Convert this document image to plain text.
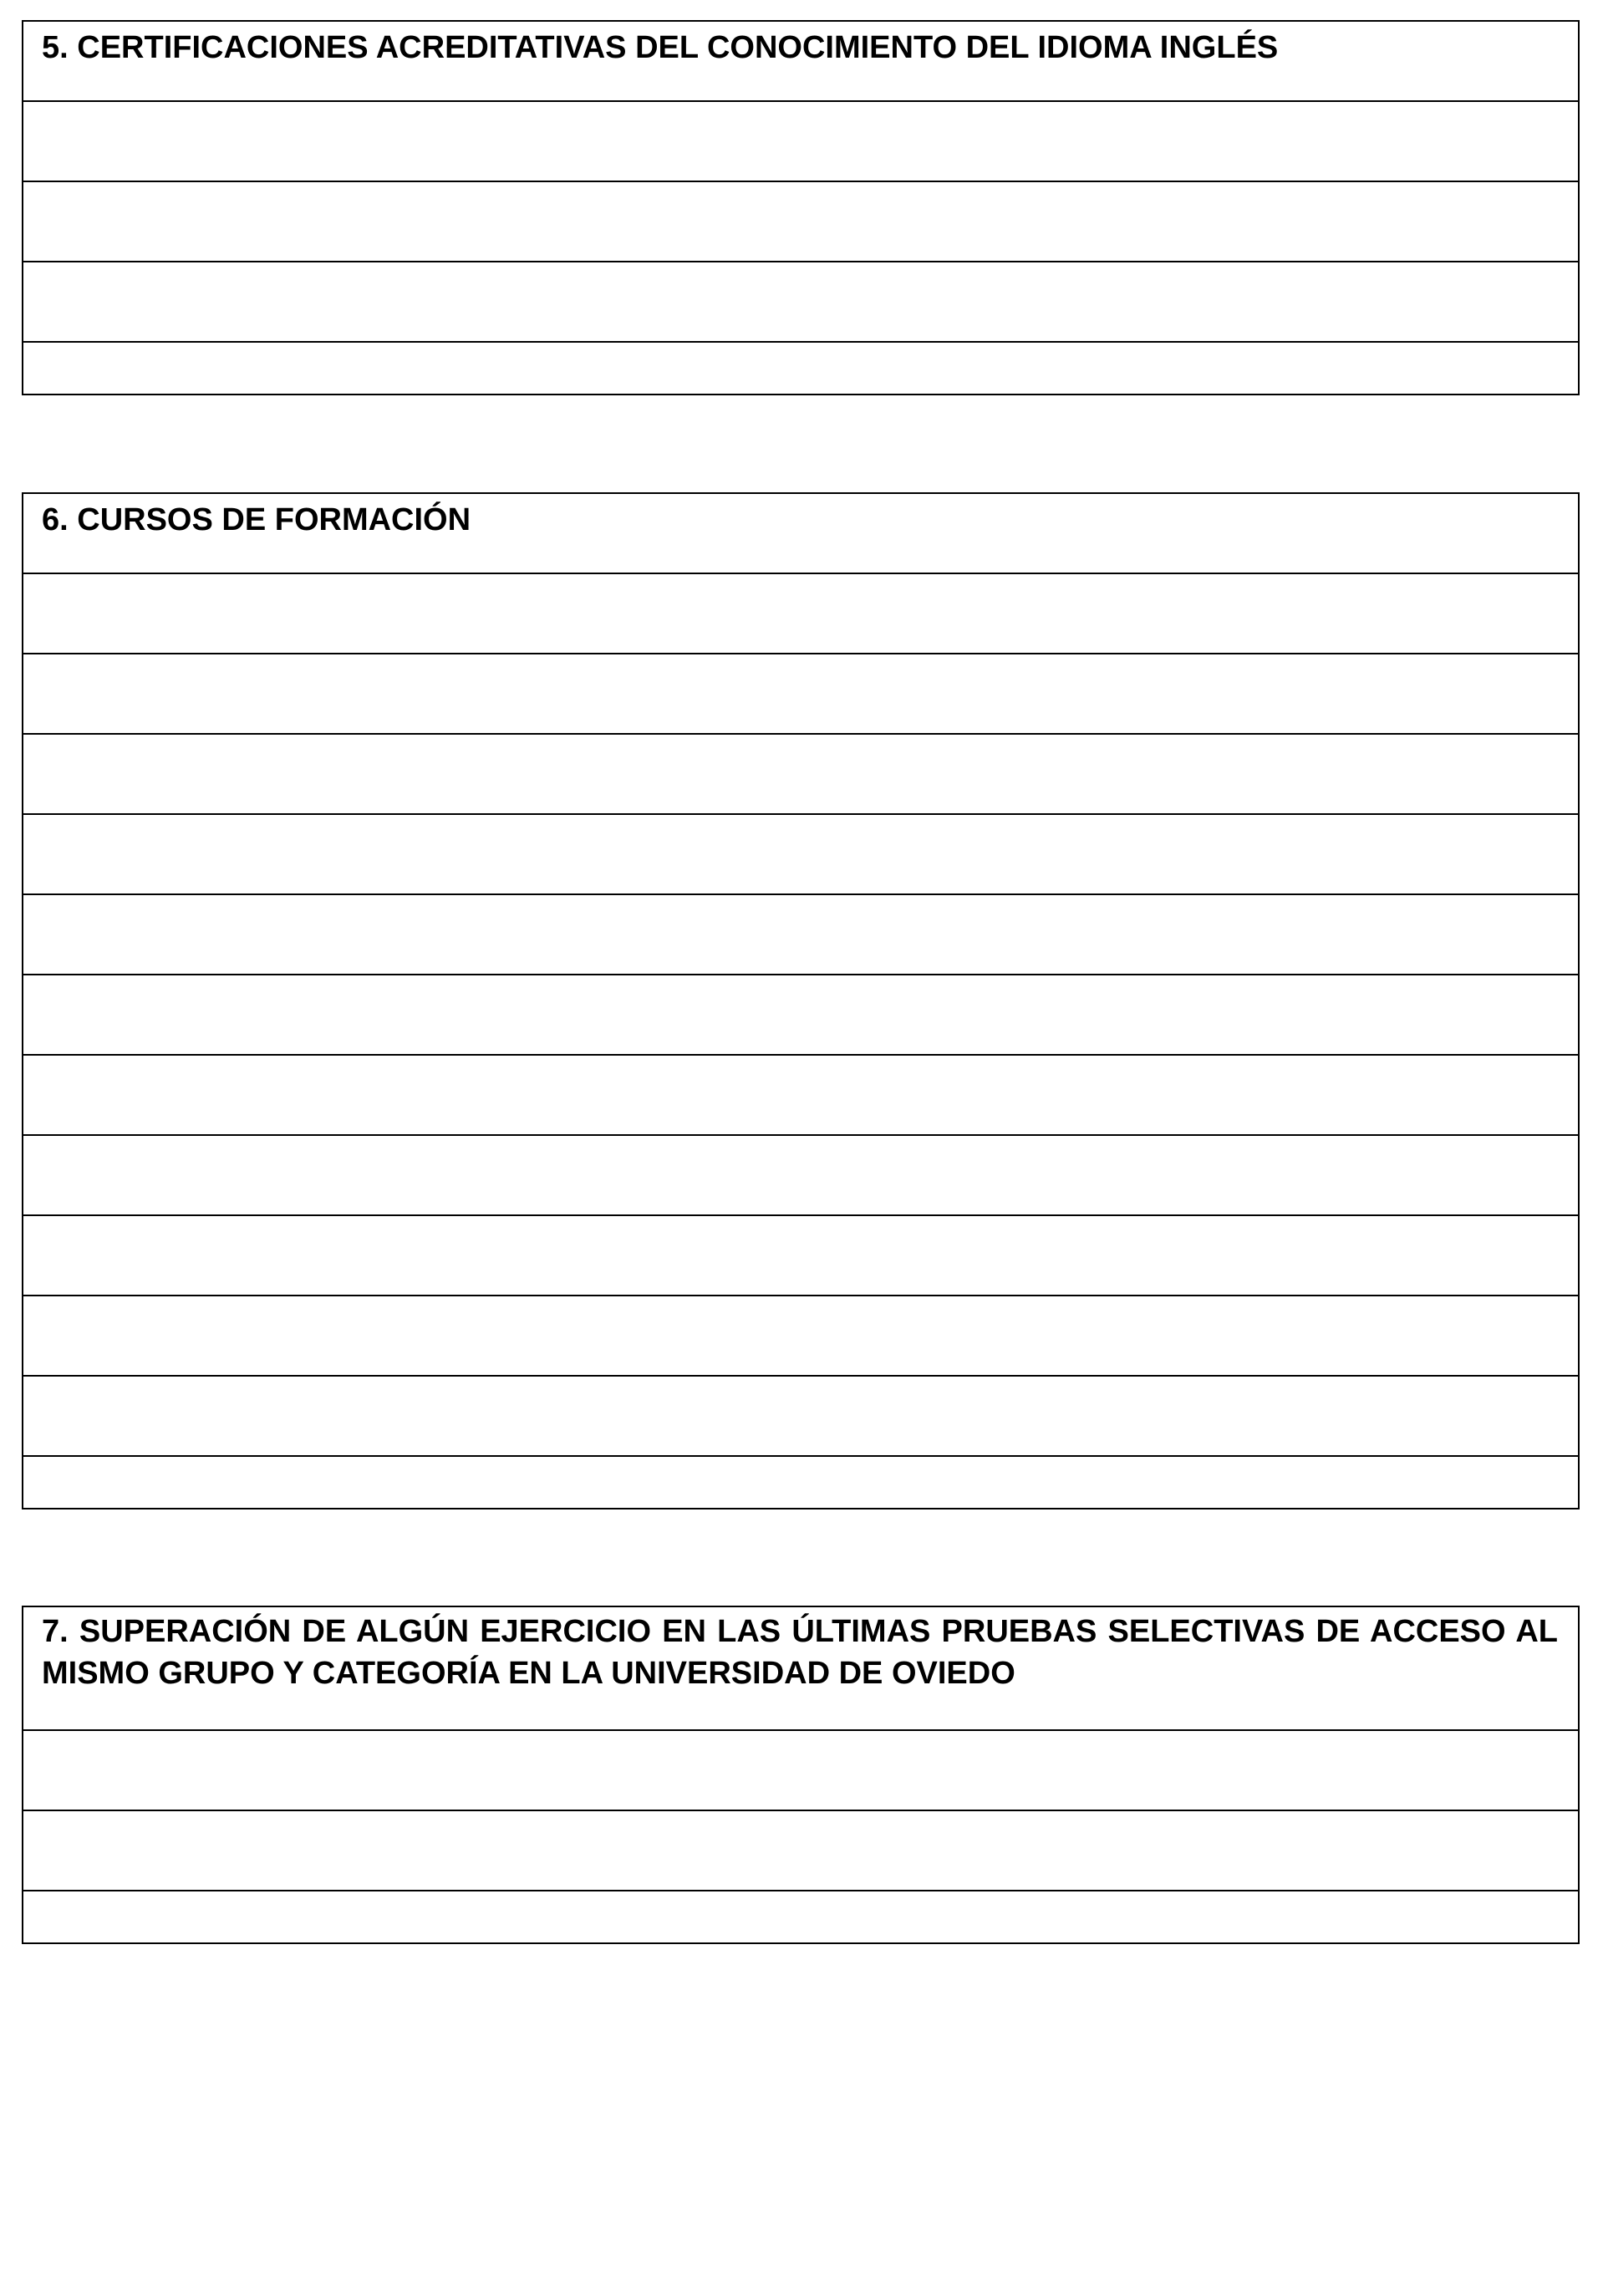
5. CERTIFICACIONES ACREDITATIVAS DEL CONOCIMIENTO DEL IDIOMA INGLÉS

6. CURSOS DE FORMACIÓN

7. SUPERACIÓN DE ALGÚN EJERCICIO EN LAS ÚLTIMAS PRUEBAS SELECTIVAS DE ACCESO AL MISMO GRUPO Y CATEGORÍA EN LA UNIVERSIDAD DE OVIEDO
